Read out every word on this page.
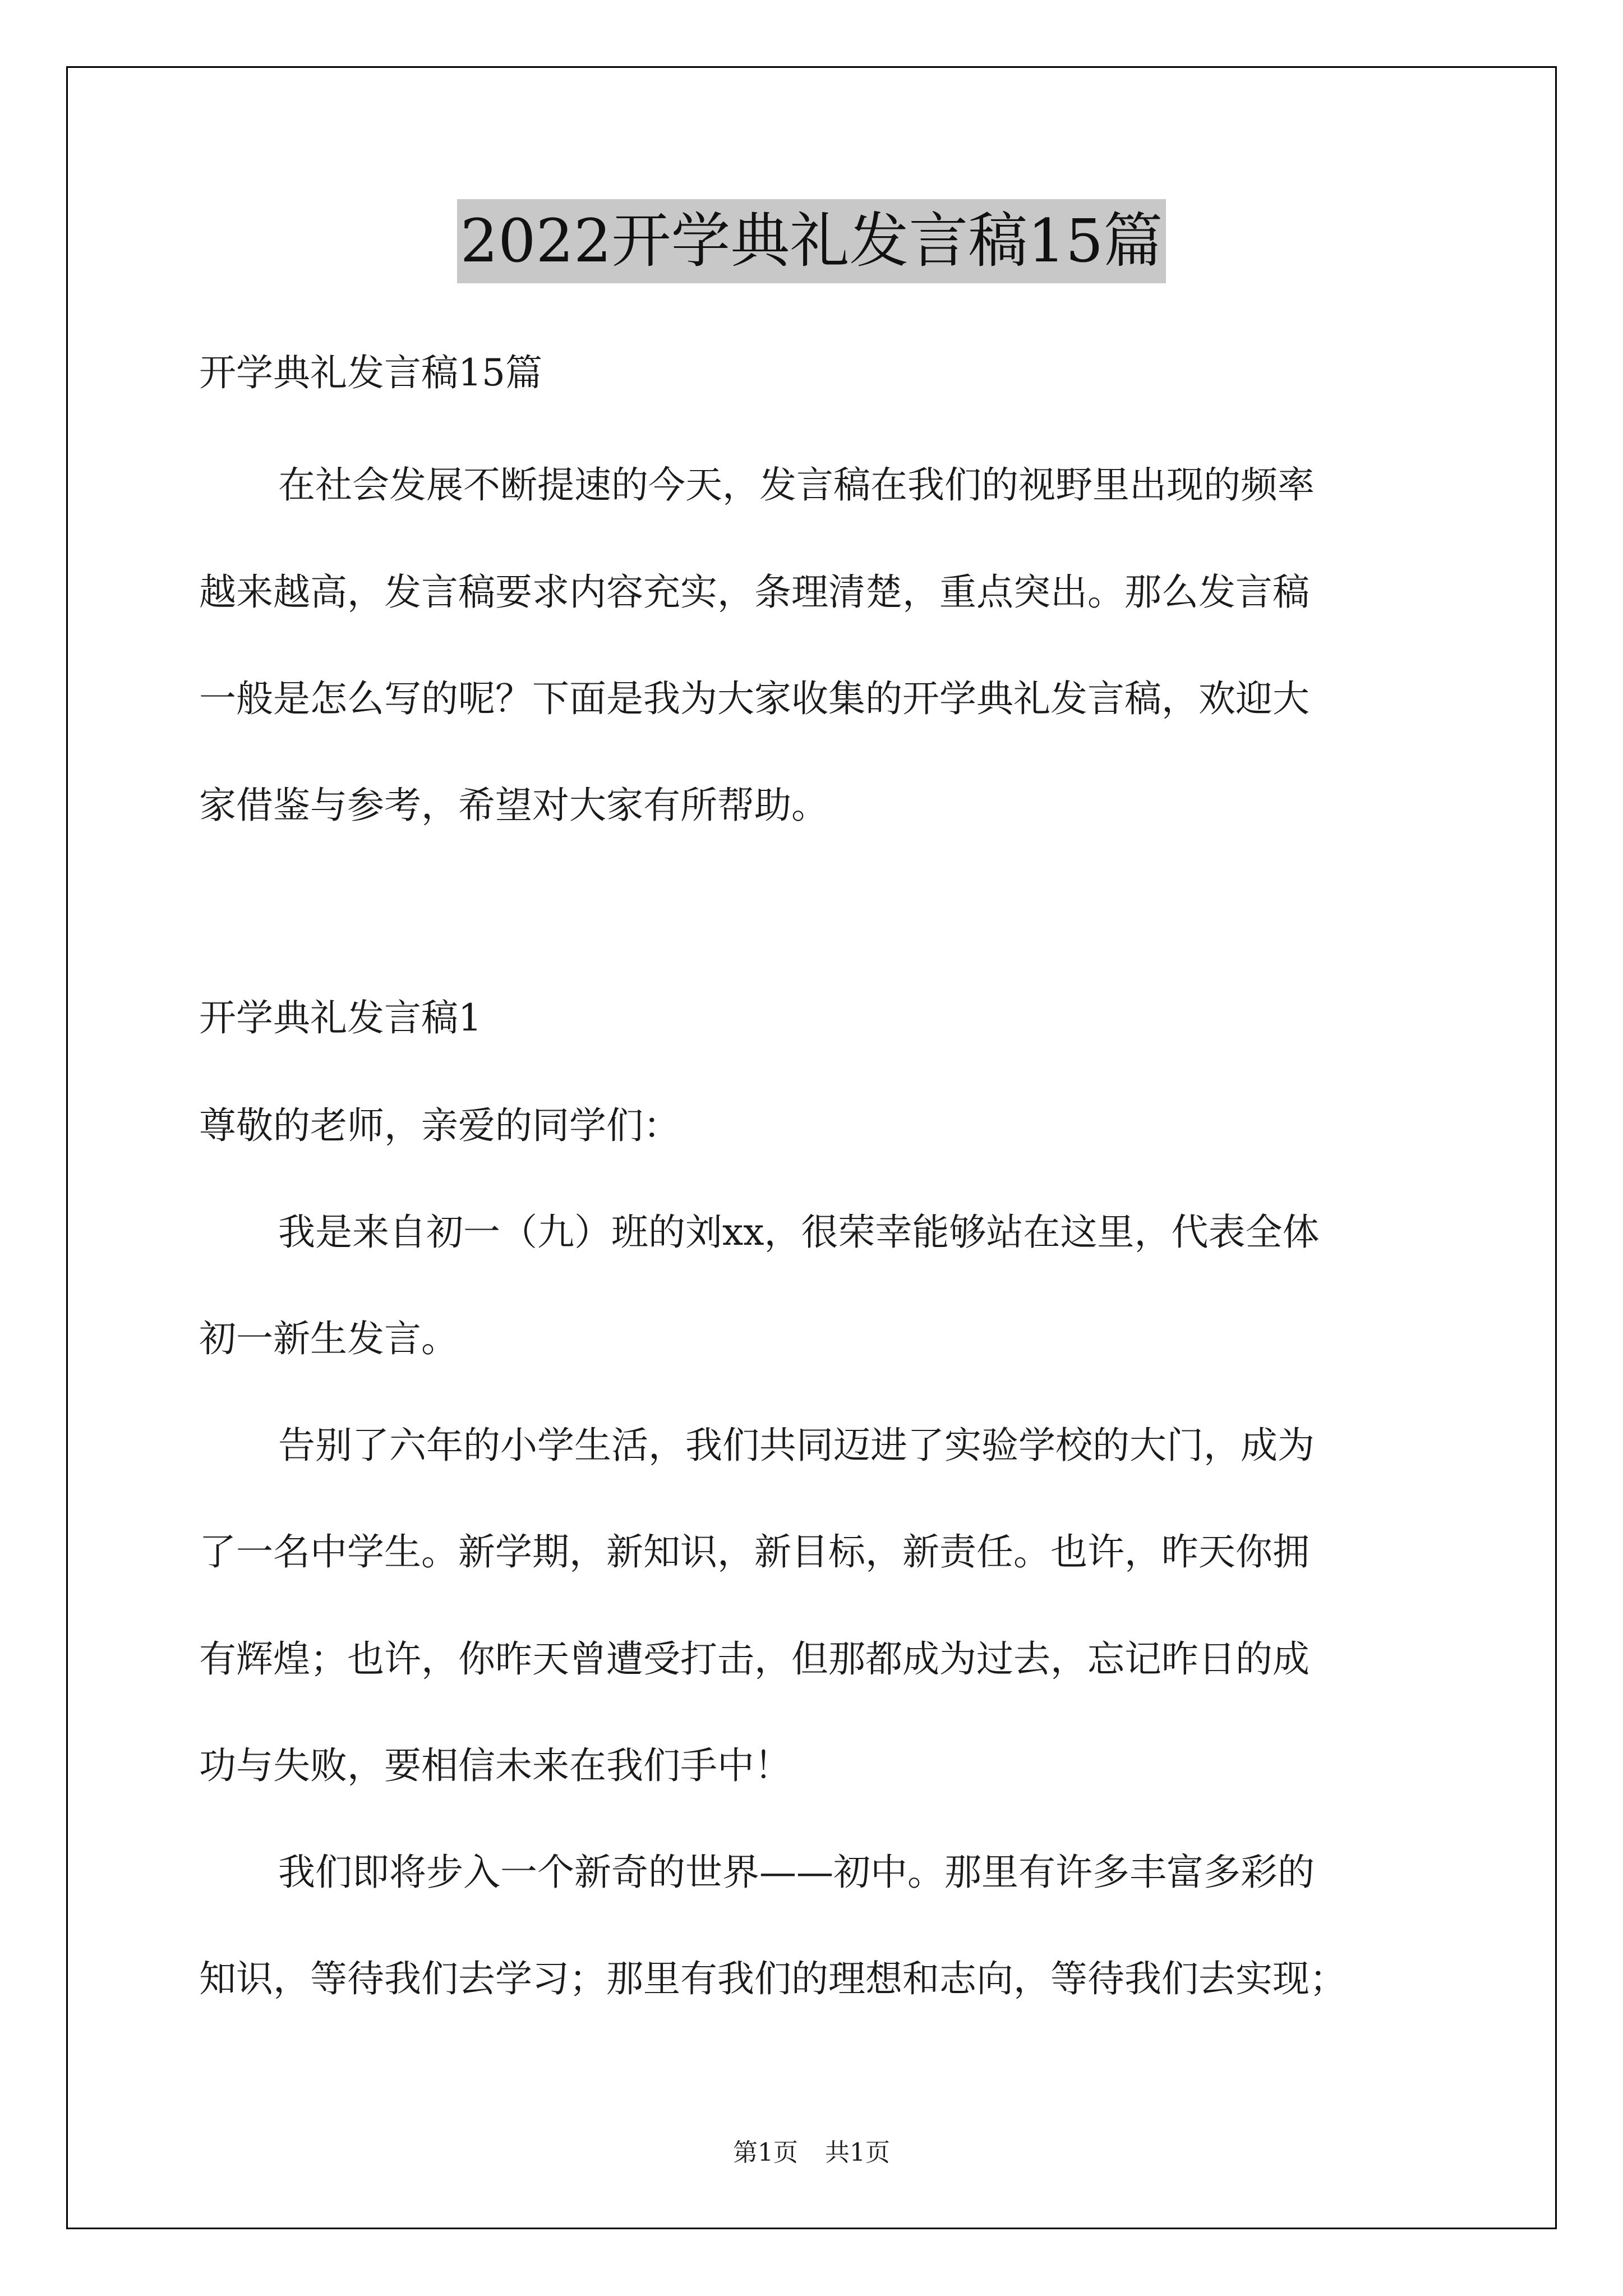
2022开学典礼发言稿15篇
开学典礼发言稿15篇
在社会发展不断提速的今天，发言稿在我们的视野里出现的频率
越来越高，发言稿要求内容充实，条理清楚，重点突出。那么发言稿
一般是怎么写的呢？下面是我为大家收集的开学典礼发言稿，欢迎大
家借鉴与参考，希望对大家有所帮助。
开学典礼发言稿1
尊敬的老师，亲爱的同学们：
我是来自初一（九）班的刘xx，很荣幸能够站在这里，代表全体
初一新生发言。
告别了六年的小学生活，我们共同迈进了实验学校的大门，成为
了一名中学生。新学期，新知识，新目标，新责任。也许，昨天你拥
有辉煌；也许，你昨天曾遭受打击，但那都成为过去，忘记昨日的成
功与失败，要相信未来在我们手中！
我们即将步入一个新奇的世界——初中。那里有许多丰富多彩的
知识，等待我们去学习；那里有我们的理想和志向，等待我们去实现；
第1页 共1页
